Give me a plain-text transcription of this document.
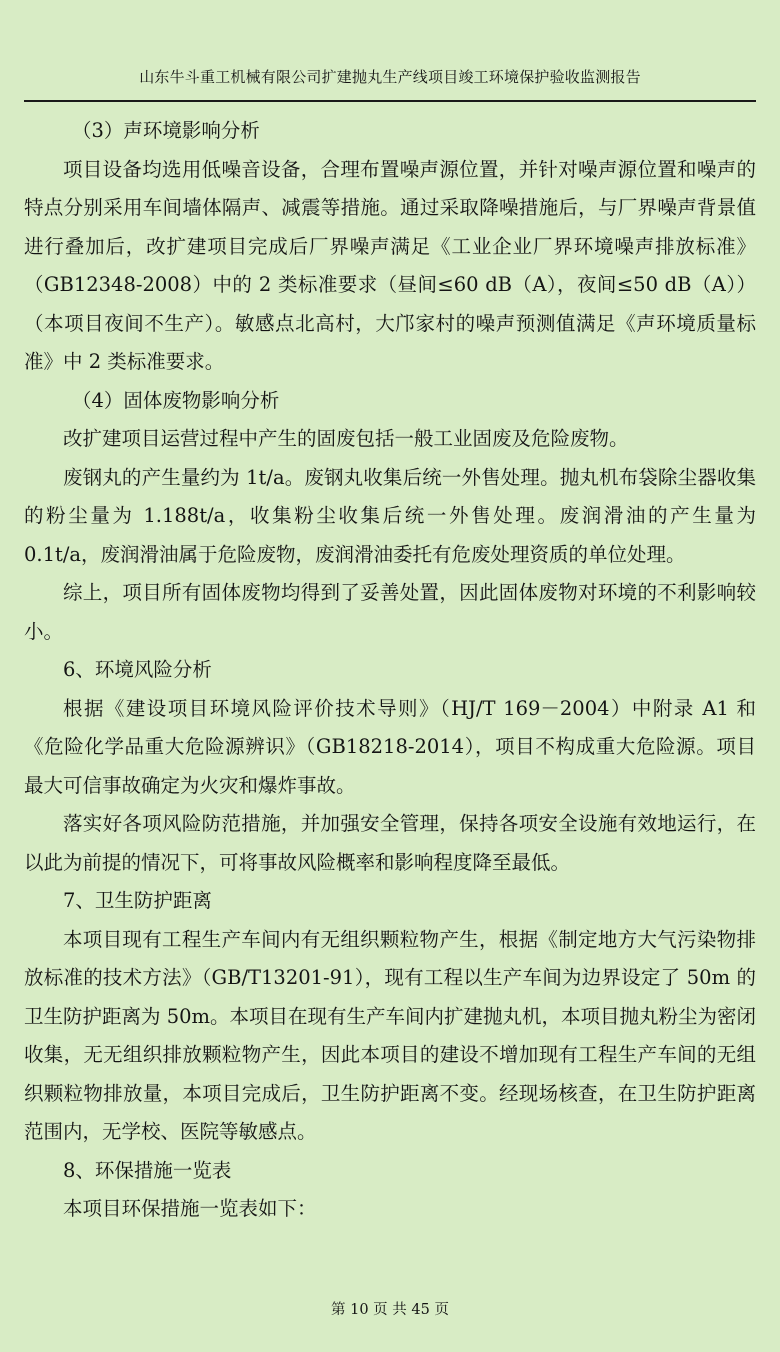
山东牛斗重工机械有限公司扩建抛丸生产线项目竣工环境保护验收监测报告

（3）声环境影响分析

项目设备均选用低噪音设备，合理布置噪声源位置，并针对噪声源位置和噪声的特点分别采用车间墙体隔声、减震等措施。通过采取降噪措施后，与厂界噪声背景值进行叠加后，改扩建项目完成后厂界噪声满足《工业企业厂界环境噪声排放标准》（GB12348-2008）中的 2 类标准要求（昼间≤60 dB（A），夜间≤50 dB（A））（本项目夜间不生产）。敏感点北高村，大邝家村的噪声预测值满足《声环境质量标准》中 2 类标准要求。

（4）固体废物影响分析

改扩建项目运营过程中产生的固废包括一般工业固废及危险废物。

废钢丸的产生量约为 1t/a。废钢丸收集后统一外售处理。抛丸机布袋除尘器收集的粉尘量为 1.188t/a，收集粉尘收集后统一外售处理。废润滑油的产生量为 0.1t/a，废润滑油属于危险废物，废润滑油委托有危废处理资质的单位处理。

综上，项目所有固体废物均得到了妥善处置，因此固体废物对环境的不利影响较小。

6、环境风险分析

根据《建设项目环境风险评价技术导则》（HJ/T 169－2004）中附录 A1 和《危险化学品重大危险源辨识》（GB18218-2014），项目不构成重大危险源。项目最大可信事故确定为火灾和爆炸事故。

落实好各项风险防范措施，并加强安全管理，保持各项安全设施有效地运行，在以此为前提的情况下，可将事故风险概率和影响程度降至最低。

7、卫生防护距离

本项目现有工程生产车间内有无组织颗粒物产生，根据《制定地方大气污染物排放标准的技术方法》（GB/T13201-91），现有工程以生产车间为边界设定了 50m 的卫生防护距离为 50m。本项目在现有生产车间内扩建抛丸机，本项目抛丸粉尘为密闭收集，无无组织排放颗粒物产生，因此本项目的建设不增加现有工程生产车间的无组织颗粒物排放量，本项目完成后，卫生防护距离不变。经现场核查，在卫生防护距离范围内，无学校、医院等敏感点。

8、环保措施一览表

本项目环保措施一览表如下：

第 10 页 共 45 页
